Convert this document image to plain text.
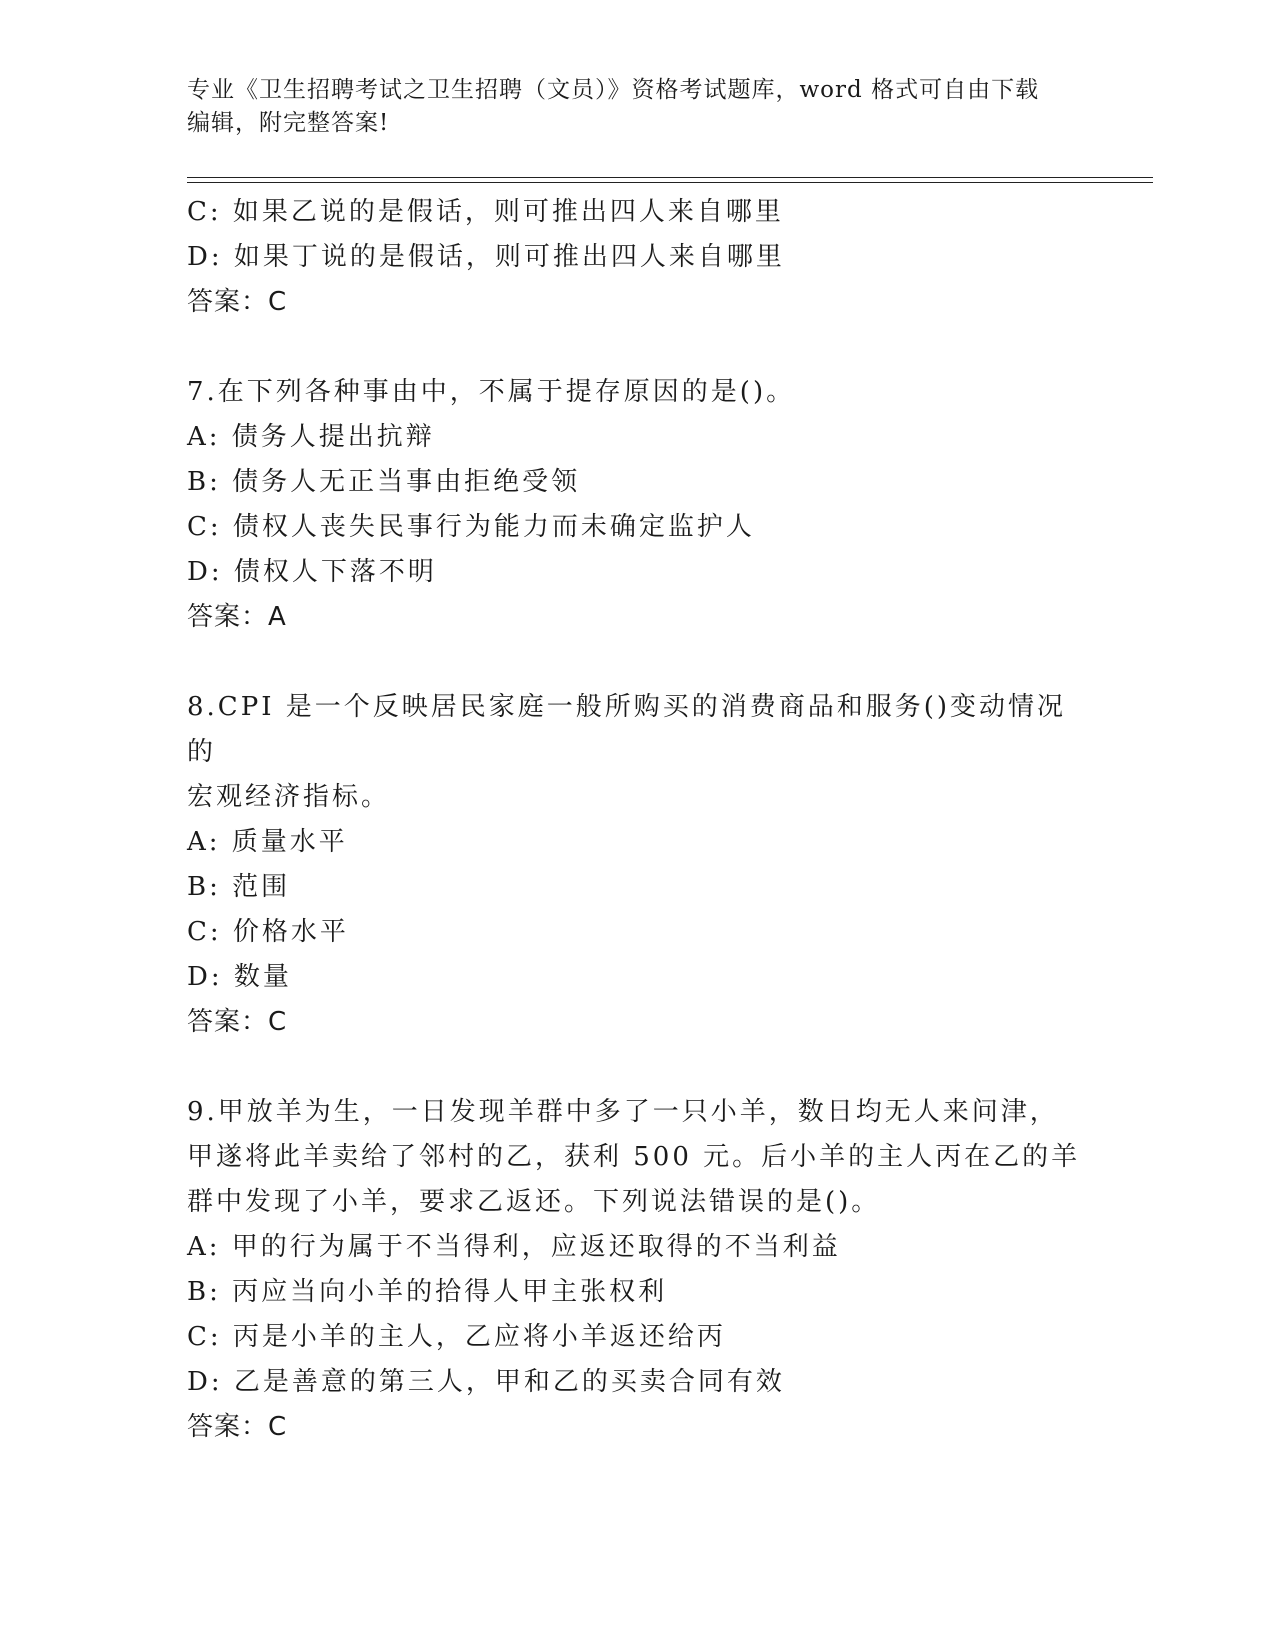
专业《卫生招聘考试之卫生招聘（文员）》资格考试题库，word 格式可自由下载
编辑，附完整答案!
C: 如果乙说的是假话，则可推出四人来自哪里
D: 如果丁说的是假话，则可推出四人来自哪里
答案：C
7.在下列各种事由中，不属于提存原因的是()。
A: 债务人提出抗辩
B: 债务人无正当事由拒绝受领
C: 债权人丧失民事行为能力而未确定监护人
D: 债权人下落不明
答案：A
8.CPI 是一个反映居民家庭一般所购买的消费商品和服务()变动情况的
宏观经济指标。
A: 质量水平
B: 范围
C: 价格水平
D: 数量
答案：C
9.甲放羊为生，一日发现羊群中多了一只小羊，数日均无人来问津，
甲遂将此羊卖给了邻村的乙，获利 500 元。后小羊的主人丙在乙的羊
群中发现了小羊，要求乙返还。下列说法错误的是()。
A: 甲的行为属于不当得利，应返还取得的不当利益
B: 丙应当向小羊的拾得人甲主张权利
C: 丙是小羊的主人，乙应将小羊返还给丙
D: 乙是善意的第三人，甲和乙的买卖合同有效
答案：C
